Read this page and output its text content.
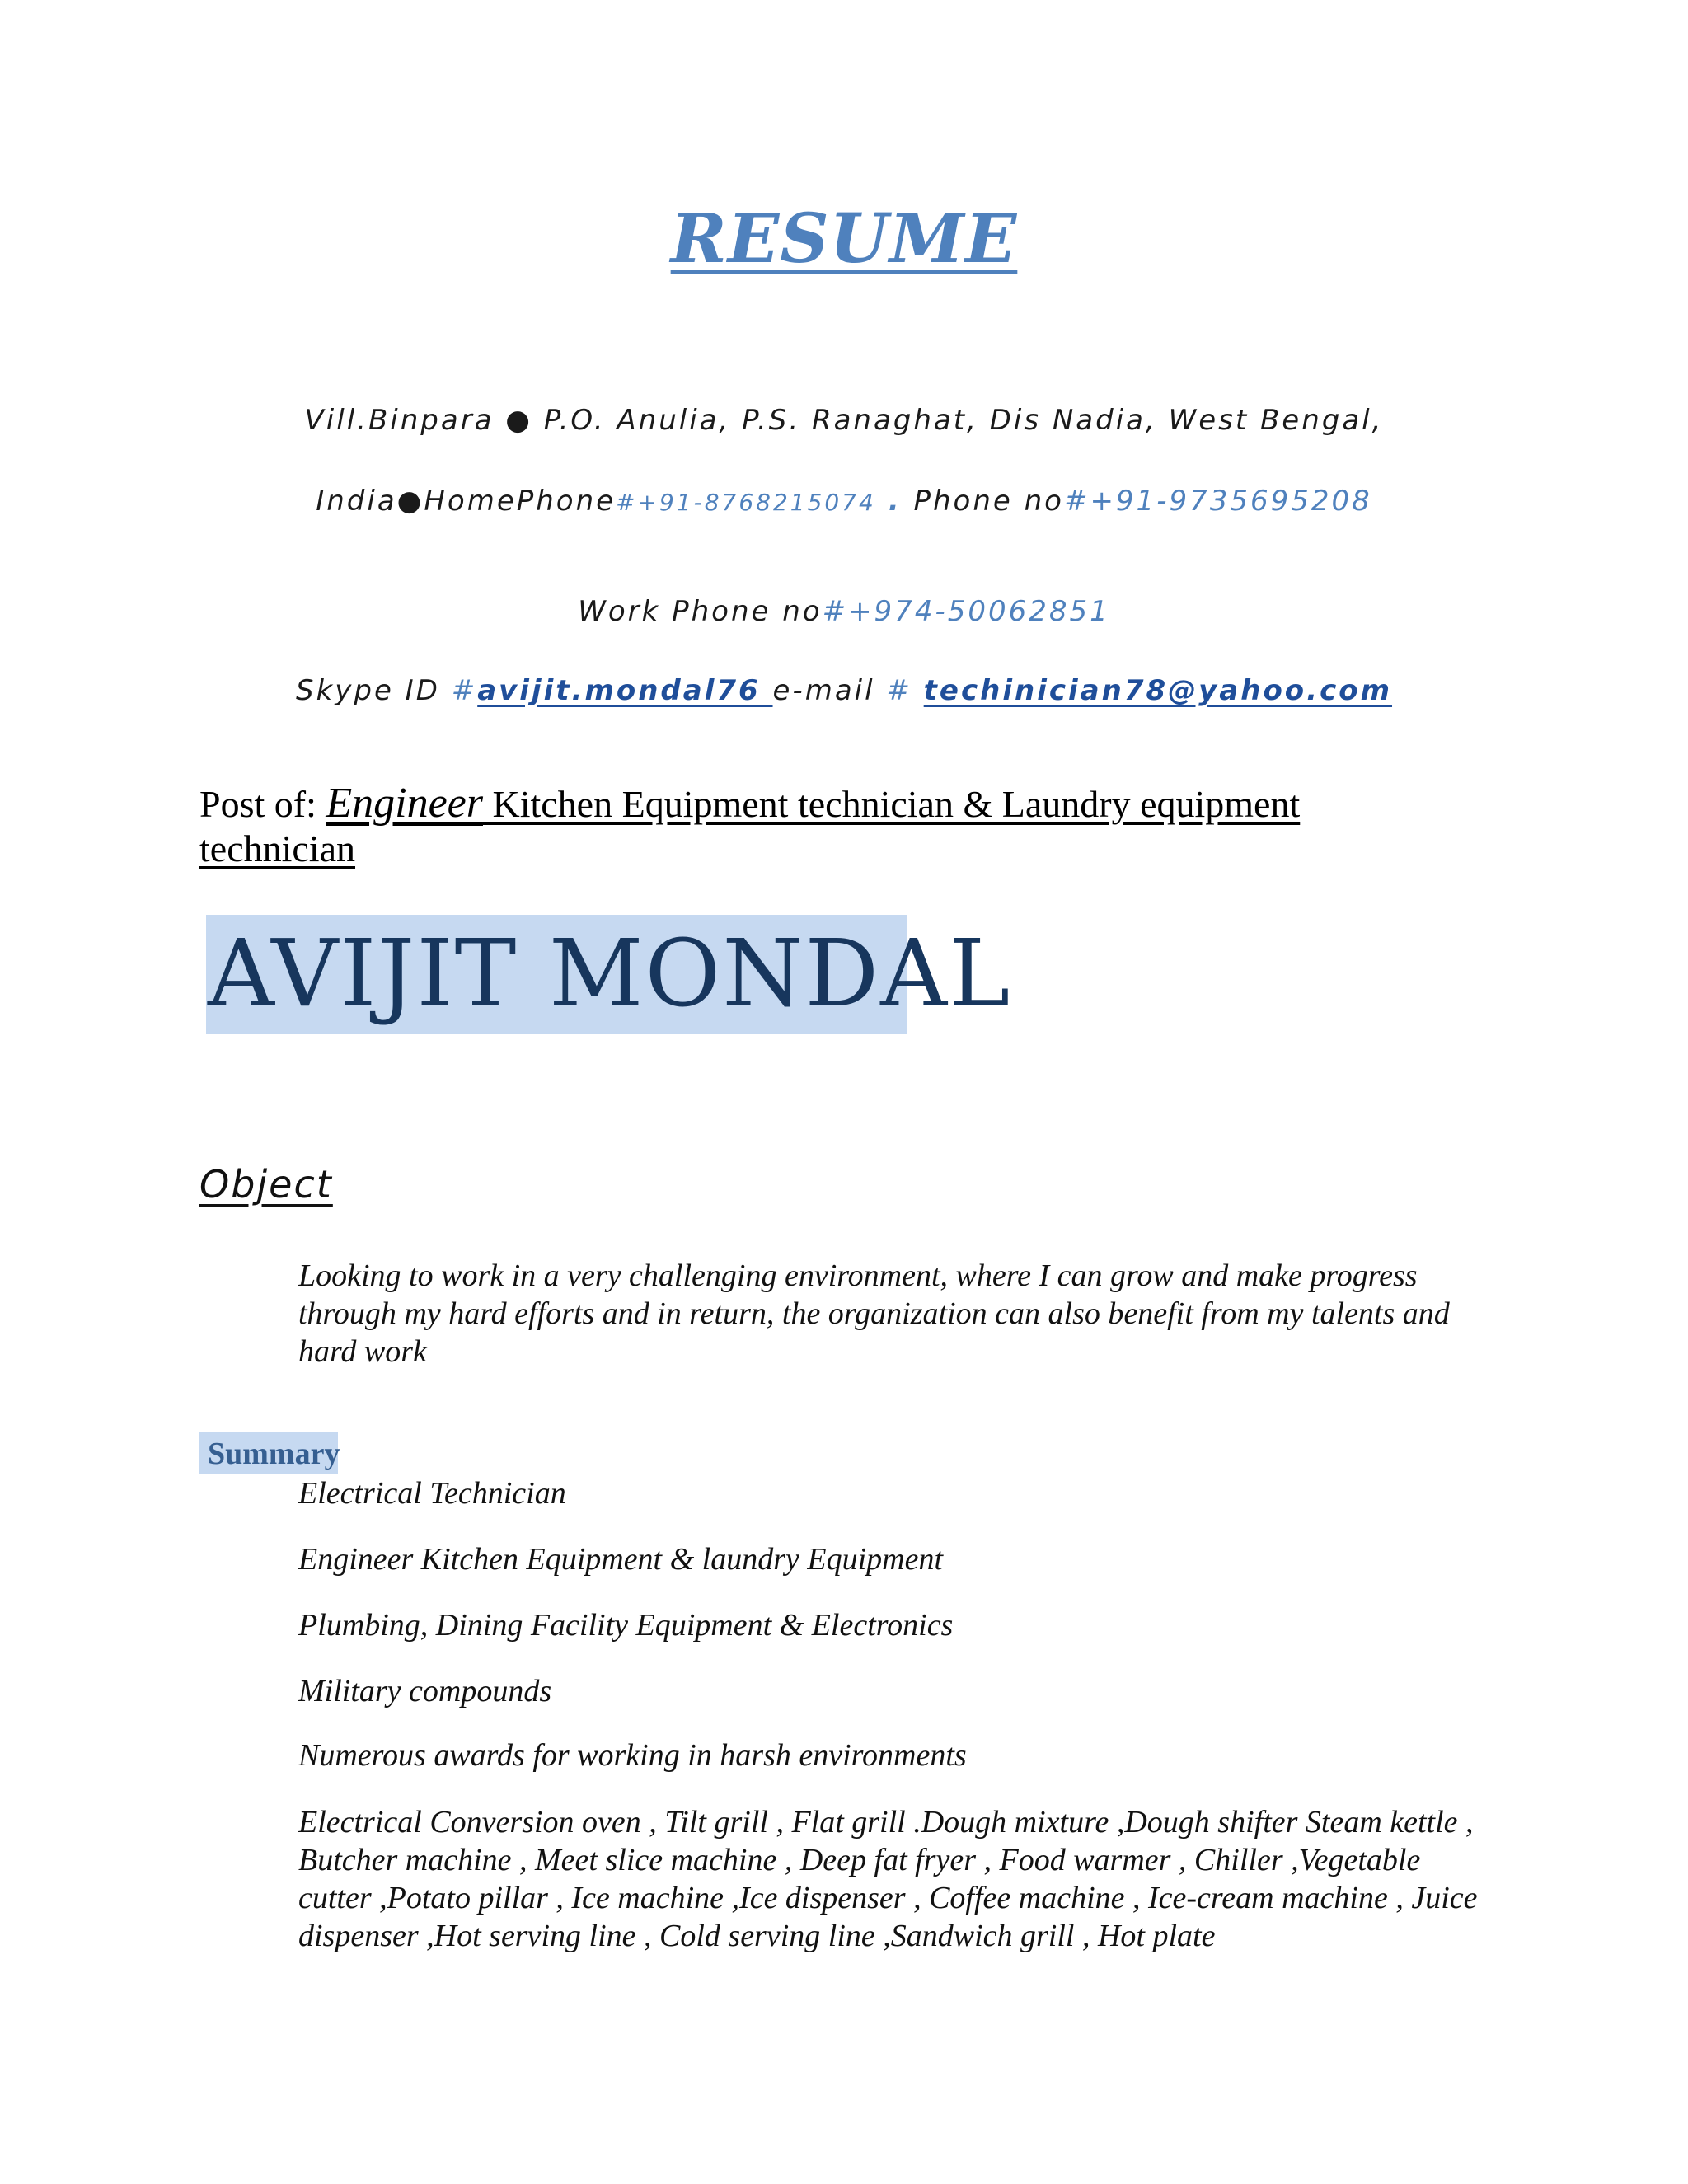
RESUME
Vill.Binpara ● P.O. Anulia, P.S. Ranaghat, Dis Nadia, West Bengal,
India●HomePhone#+91-8768215074 . Phone no#+91-9735695208
Work Phone no#+974-50062851
Skype ID #avijit.mondal76 e-mail # techinician78@yahoo.com
Post of: Engineer Kitchen Equipment technician & Laundry equipment technician
AVIJIT MONDAL
Object
Looking to work in a very challenging environment, where I can grow and make progress through my hard efforts and in return, the organization can also benefit from my talents and hard work
Summary
Electrical Technician
Engineer Kitchen Equipment & laundry Equipment
Plumbing, Dining Facility Equipment & Electronics
Military compounds
Numerous awards for working in harsh environments
Electrical Conversion oven , Tilt grill , Flat grill .Dough mixture ,Dough shifter Steam kettle , Butcher machine , Meet slice machine , Deep fat fryer , Food warmer , Chiller ,Vegetable cutter ,Potato pillar , Ice machine ,Ice dispenser , Coffee machine , Ice-cream machine , Juice dispenser ,Hot serving line , Cold serving line ,Sandwich grill , Hot plate
